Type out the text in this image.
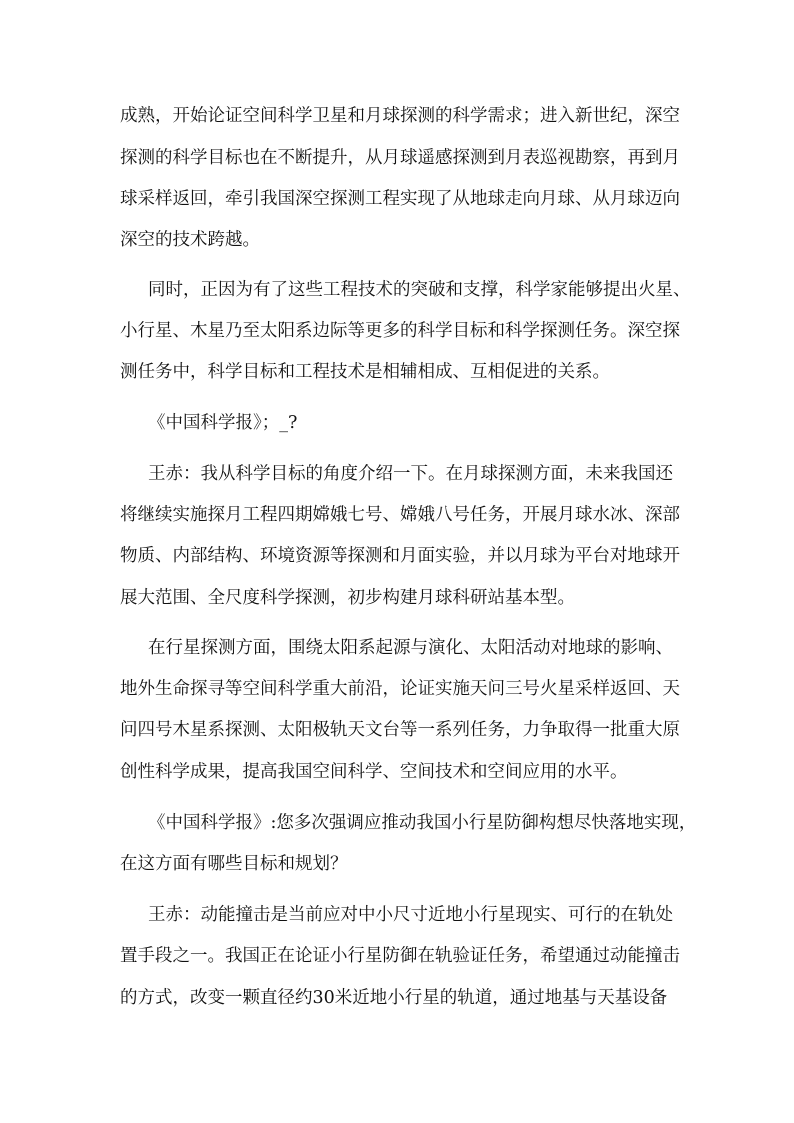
成熟，开始论证空间科学卫星和月球探测的科学需求；进入新世纪，深空
探测的科学目标也在不断提升，从月球遥感探测到月表巡视勘察，再到月
球采样返回，牵引我国深空探测工程实现了从地球走向月球、从月球迈向
深空的技术跨越。
同时，正因为有了这些工程技术的突破和支撑，科学家能够提出火星、
小行星、木星乃至太阳系边际等更多的科学目标和科学探测任务。深空探
测任务中，科学目标和工程技术是相辅相成、互相促进的关系。
《中国科学报》；_?
王赤：我从科学目标的角度介绍一下。在月球探测方面，未来我国还
将继续实施探月工程四期嫦娥七号、嫦娥八号任务，开展月球水冰、深部
物质、内部结构、环境资源等探测和月面实验，并以月球为平台对地球开
展大范围、全尺度科学探测，初步构建月球科研站基本型。
在行星探测方面，围绕太阳系起源与演化、太阳活动对地球的影响、
地外生命探寻等空间科学重大前沿，论证实施天问三号火星采样返回、天
问四号木星系探测、太阳极轨天文台等一系列任务，力争取得一批重大原
创性科学成果，提高我国空间科学、空间技术和空间应用的水平。
《中国科学报》:您多次强调应推动我国小行星防御构想尽快落地实现，
在这方面有哪些目标和规划？
王赤：动能撞击是当前应对中小尺寸近地小行星现实、可行的在轨处
置手段之一。我国正在论证小行星防御在轨验证任务，希望通过动能撞击
的方式，改变一颗直径约30米近地小行星的轨道，通过地基与天基设备
